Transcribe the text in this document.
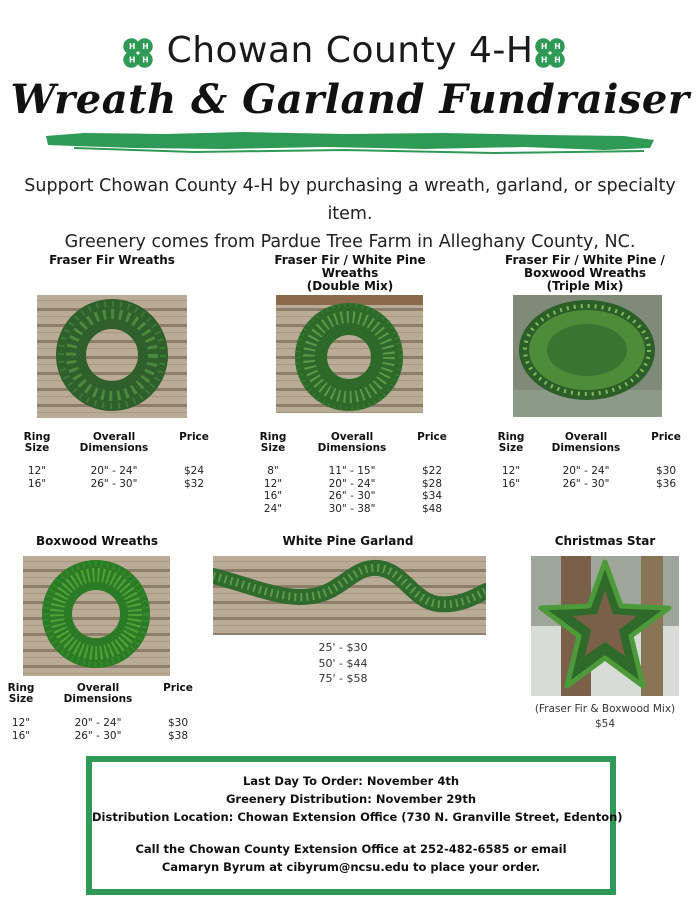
Chowan County 4-H
Wreath & Garland Fundraiser
Support Chowan County 4-H by purchasing a wreath, garland, or specialty item.
Greenery comes from Pardue Tree Farm in Alleghany County, NC.
Fraser Fir Wreaths
Ring
Size
Overall
Dimensions
Price
12"
16"
20" - 24"
26" - 30"
$24
$32
Fraser Fir / White Pine Wreaths
(Double Mix)
Ring
Size
Overall
Dimensions
Price
8"
12"
16"
24"
11" - 15"
20" - 24"
26" - 30"
30" - 38"
$22
$28
$34
$48
Fraser Fir / White Pine /
Boxwood Wreaths
(Triple Mix)
Ring
Size
Overall
Dimensions
Price
12"
16"
20" - 24"
26" - 30"
$30
$36
Boxwood Wreaths
Ring
Size
Overall
Dimensions
Price
12"
16"
20" - 24"
26" - 30"
$30
$38
White Pine Garland
25' - $30
50' - $44
75' - $58
Christmas Star
(Fraser Fir & Boxwood Mix)
$54
Last Day To Order: November 4th
Greenery Distribution: November 29th
Distribution Location: Chowan Extension Office (730 N. Granville Street, Edenton)
Call the Chowan County Extension Office at 252-482-6585 or email
Camaryn Byrum at cibyrum@ncsu.edu to place your order.
